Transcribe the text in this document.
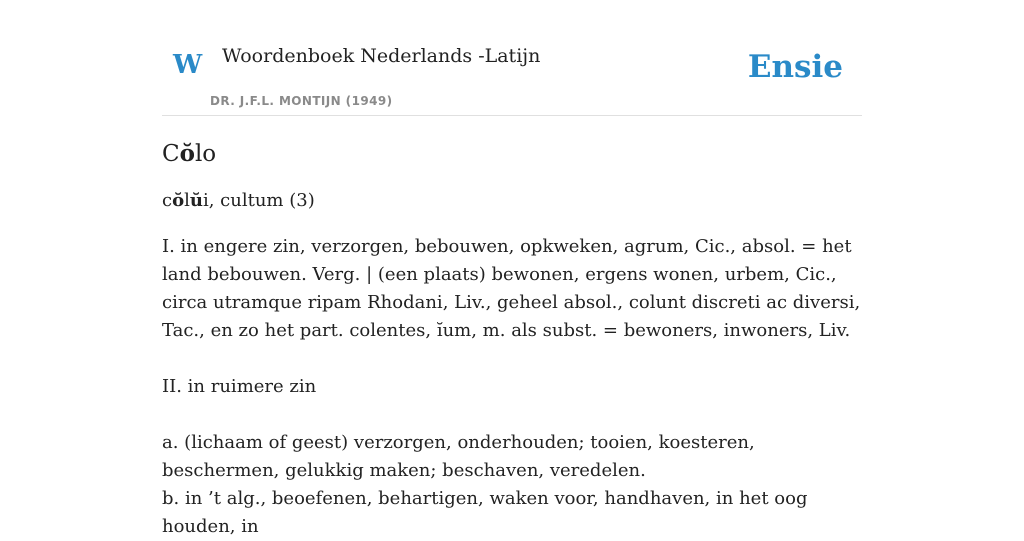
W Woordenboek Nederlands -Latijn
DR. J.F.L. MONTIJN (1949)
Ensie
Cŏlo

cŏlŭi, cultum (3)

I. in engere zin, verzorgen, bebouwen, opkweken, agrum, Cic., absol. = het land bebouwen. Verg. | (een plaats) bewonen, ergens wonen, urbem, Cic., circa utramque ripam Rhodani, Liv., geheel absol., colunt discreti ac diversi, Tac., en zo het part. colentes, ĭum, m. als subst. = bewoners, inwoners, Liv.

II. in ruimere zin

a. (lichaam of geest) verzorgen, onderhouden; tooien, koesteren, beschermen, gelukkig maken; beschaven, veredelen.

b. in ’t alg., beoefenen, behartigen, waken voor, handhaven, in het oog houden, in
